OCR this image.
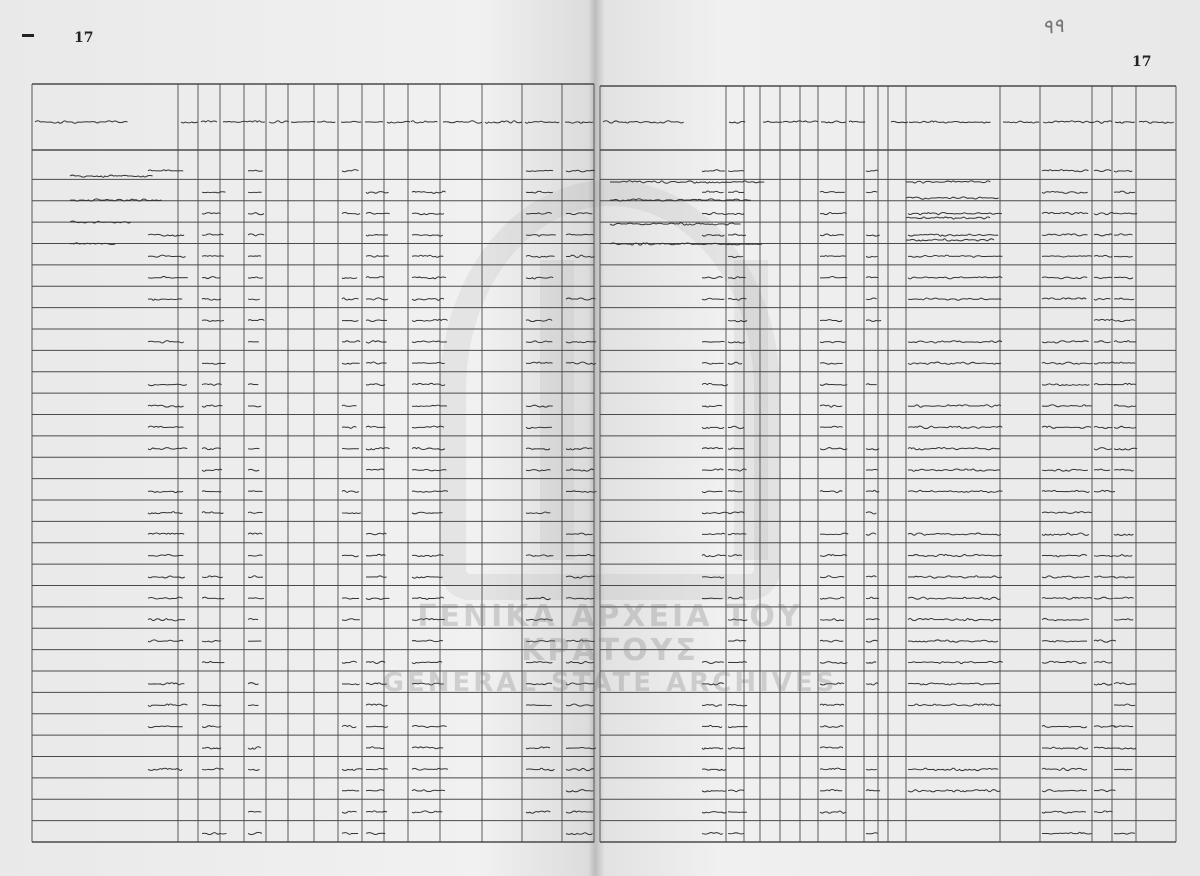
17
17
۹۹
ΓΕΝΙΚΑ ΑΡΧΕΙΑ ΤΟΥ ΚΡΑΤΟΥΣ
GENERAL STATE ARCHIVES
